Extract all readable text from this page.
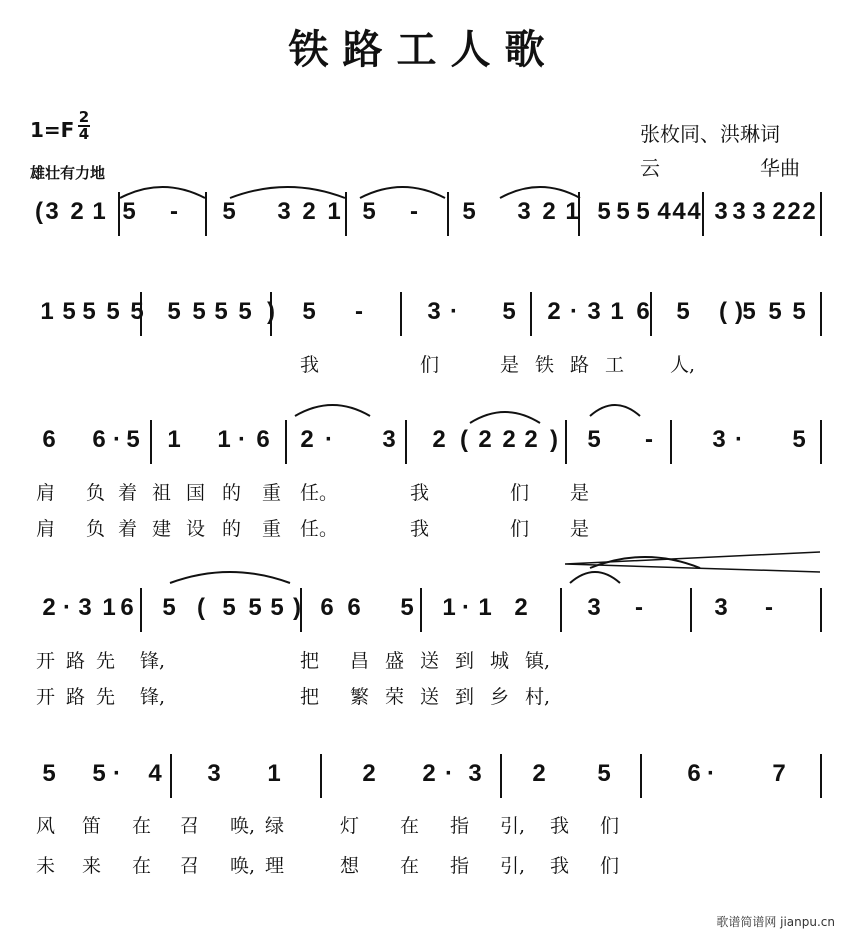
铁路工人歌
1=F
2
4
雄壮有力地
张枚同、洪琳词
云	华曲
( 3 2 1 5 - 5 3 2 1 5 - 5 3 2 1 5 5 5 4 4 4 3 3 3 2 2 2
1 5 5 5 5 5 5 5 5 ) 5 -	3 · 5 2 · 3 1 6 5 ( 5 5 5
)
我	们	是 铁 路 工 人,
6 6 · 5 1 1 · 6 2 · 3 2 ( 2 2 2 ) 5 - 3 · 5
肩 负 着 祖 国 的 重 任。	我	们 是
肩 负 着 建 设 的 重 任。	我	们 是
2 · 3 1 6 5 ( 5 5 5 ) 6 6 5 1 · 1 2 3 -	3 -
开 路 先 锋,	把 昌 盛 送 到 城 镇,
开 路 先 锋,	把 繁 荣 送 到 乡 村,
5 5 · 4 3 1	2 2 · 3 2 5	6 · 7
风 笛 在 召 唤, 绿	灯 在 指 引, 我 们
未 来 在 召 唤, 理	想 在 指 引, 我 们
歌谱简谱网 jianpu.cn
